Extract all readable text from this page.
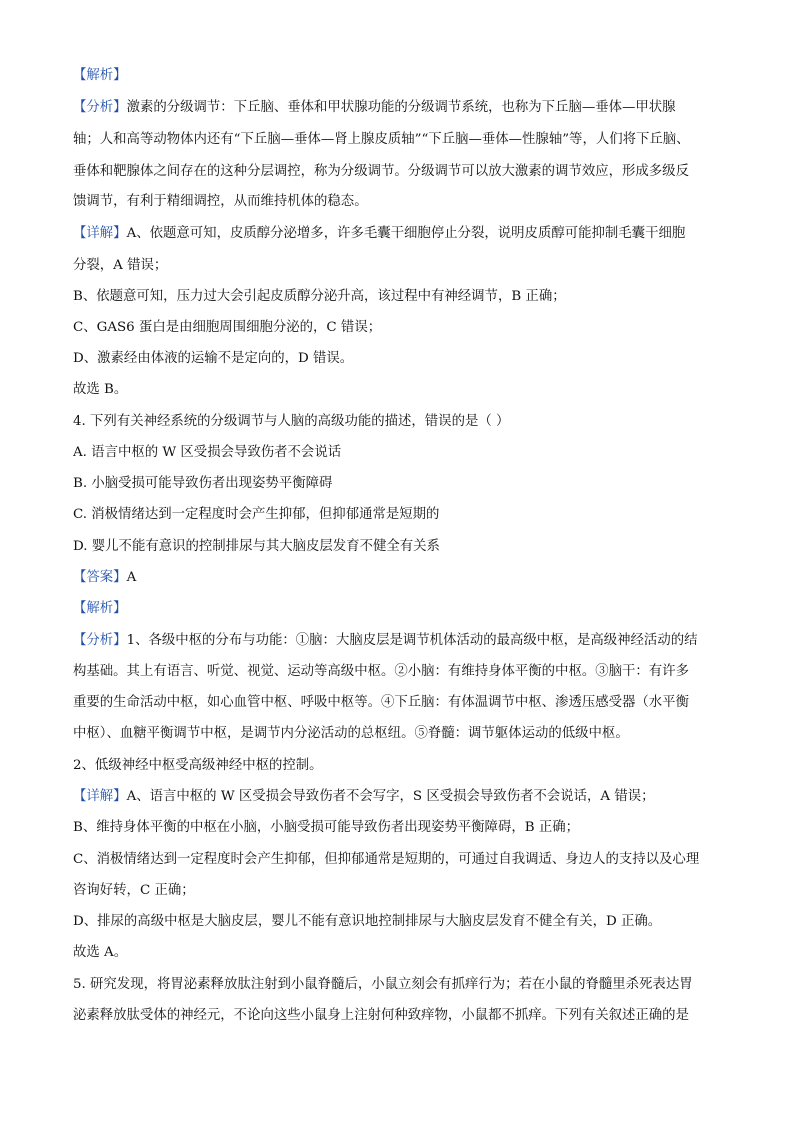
【解析】
【分析】激素的分级调节：下丘脑、垂体和甲状腺功能的分级调节系统，也称为下丘脑—垂体—甲状腺
轴；人和高等动物体内还有“下丘脑—垂体—肾上腺皮质轴”“下丘脑—垂体—性腺轴”等，人们将下丘脑、
垂体和靶腺体之间存在的这种分层调控，称为分级调节。分级调节可以放大激素的调节效应，形成多级反
馈调节，有利于精细调控，从而维持机体的稳态。
【详解】A、依题意可知，皮质醇分泌增多，许多毛囊干细胞停止分裂，说明皮质醇可能抑制毛囊干细胞
分裂，A 错误；
B、依题意可知，压力过大会引起皮质醇分泌升高，该过程中有神经调节，B 正确；
C、GAS6 蛋白是由细胞周围细胞分泌的，C 错误；
D、激素经由体液的运输不是定向的，D 错误。
故选 B。
4. 下列有关神经系统的分级调节与人脑的高级功能的描述，错误的是（ ）
A. 语言中枢的 W 区受损会导致伤者不会说话
B. 小脑受损可能导致伤者出现姿势平衡障碍
C. 消极情绪达到一定程度时会产生抑郁，但抑郁通常是短期的
D. 婴儿不能有意识的控制排尿与其大脑皮层发育不健全有关系
【答案】A
【解析】
【分析】1、各级中枢的分布与功能：①脑：大脑皮层是调节机体活动的最高级中枢，是高级神经活动的结
构基础。其上有语言、听觉、视觉、运动等高级中枢。②小脑：有维持身体平衡的中枢。③脑干：有许多
重要的生命活动中枢，如心血管中枢、呼吸中枢等。④下丘脑：有体温调节中枢、渗透压感受器（水平衡
中枢）、血糖平衡调节中枢，是调节内分泌活动的总枢纽。⑤脊髓：调节躯体运动的低级中枢。
2、低级神经中枢受高级神经中枢的控制。
【详解】A、语言中枢的 W 区受损会导致伤者不会写字，S 区受损会导致伤者不会说话，A 错误；
B、维持身体平衡的中枢在小脑，小脑受损可能导致伤者出现姿势平衡障碍，B 正确；
C、消极情绪达到一定程度时会产生抑郁，但抑郁通常是短期的，可通过自我调适、身边人的支持以及心理
咨询好转，C 正确；
D、排尿的高级中枢是大脑皮层，婴儿不能有意识地控制排尿与大脑皮层发育不健全有关，D 正确。
故选 A。
5. 研究发现，将胃泌素释放肽注射到小鼠脊髓后，小鼠立刻会有抓痒行为；若在小鼠的脊髓里杀死表达胃
泌素释放肽受体的神经元，不论向这些小鼠身上注射何种致痒物，小鼠都不抓痒。下列有关叙述正确的是
